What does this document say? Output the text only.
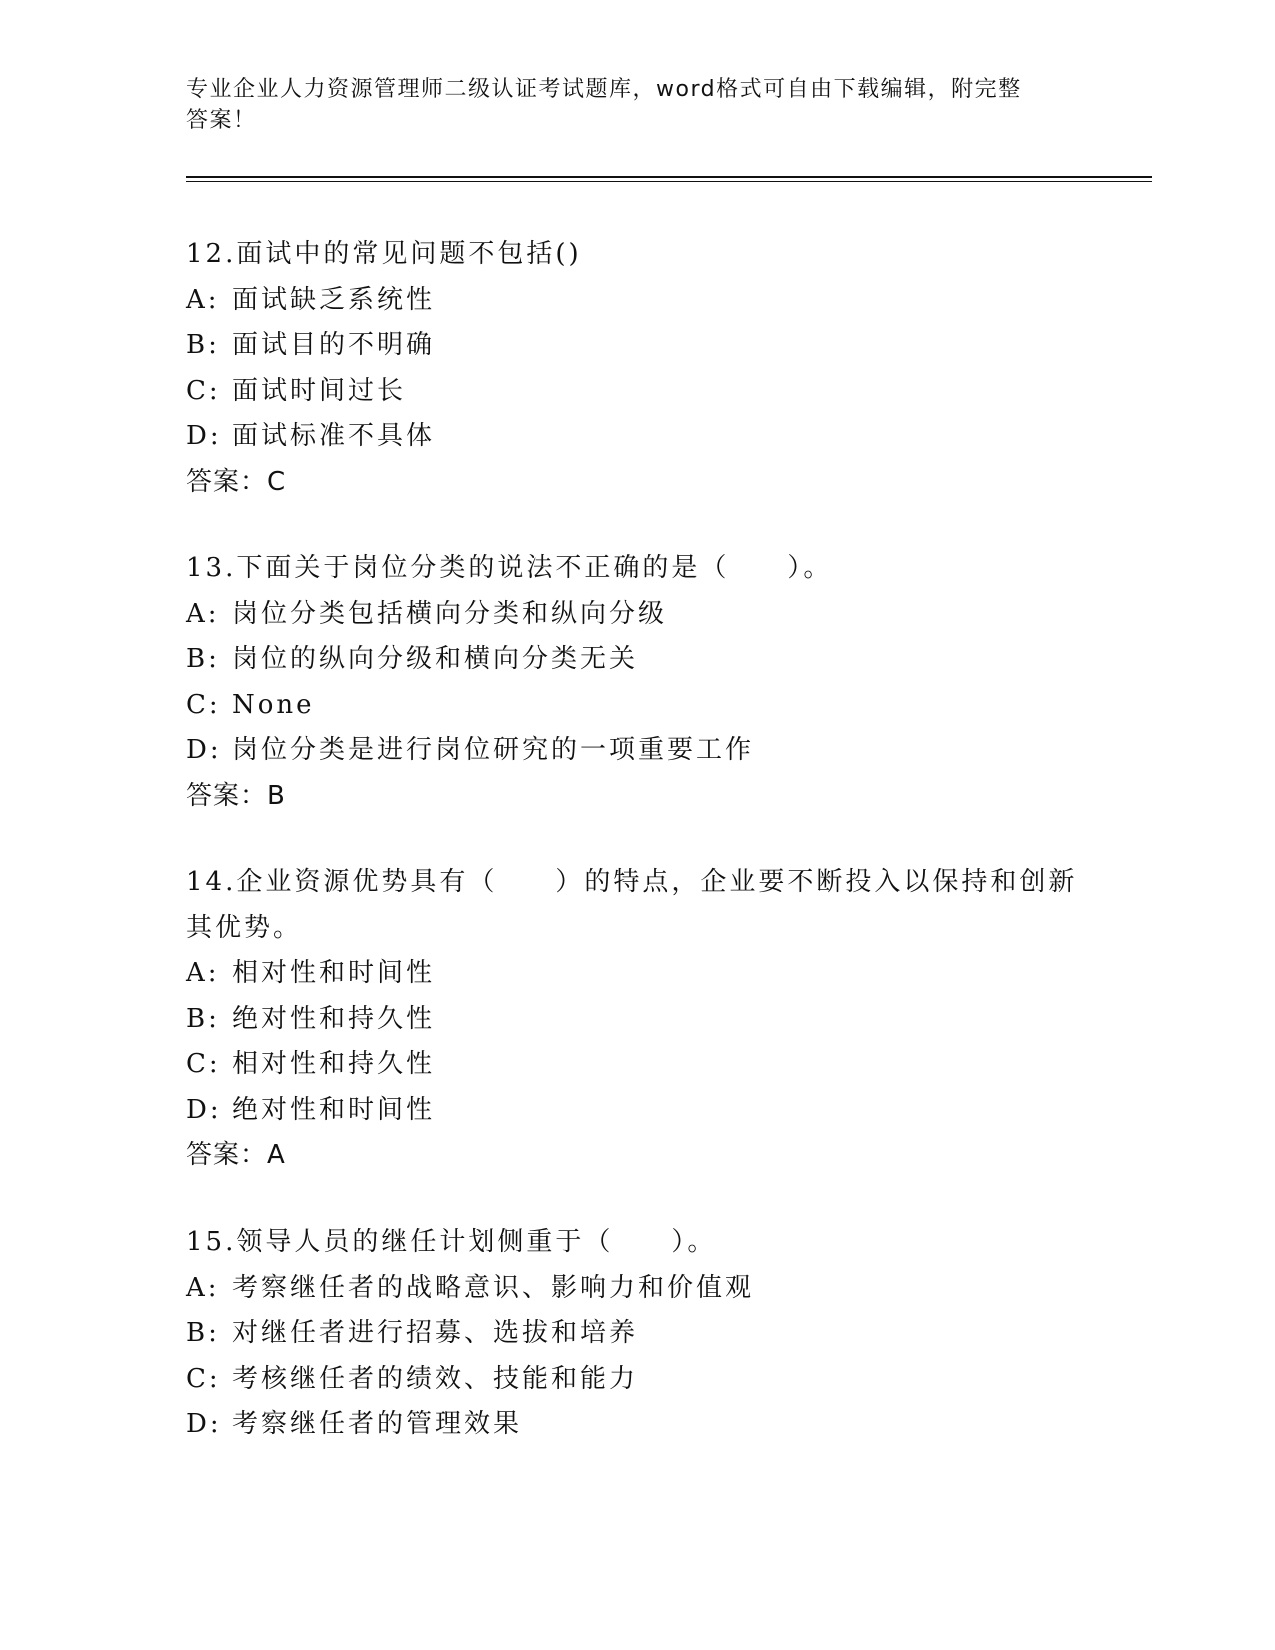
专业企业人力资源管理师二级认证考试题库，word格式可自由下载编辑，附完整
答案！
12.面试中的常见问题不包括()
A: 面试缺乏系统性
B: 面试目的不明确
C: 面试时间过长
D: 面试标准不具体
答案：C
13.下面关于岗位分类的说法不正确的是（　　）。
A: 岗位分类包括横向分类和纵向分级
B: 岗位的纵向分级和横向分类无关
C: None
D: 岗位分类是进行岗位研究的一项重要工作
答案：B
14.企业资源优势具有（　　）的特点，企业要不断投入以保持和创新
其优势。
A: 相对性和时间性
B: 绝对性和持久性
C: 相对性和持久性
D: 绝对性和时间性
答案：A
15.领导人员的继任计划侧重于（　　）。
A: 考察继任者的战略意识、影响力和价值观
B: 对继任者进行招募、选拔和培养
C: 考核继任者的绩效、技能和能力
D: 考察继任者的管理效果
